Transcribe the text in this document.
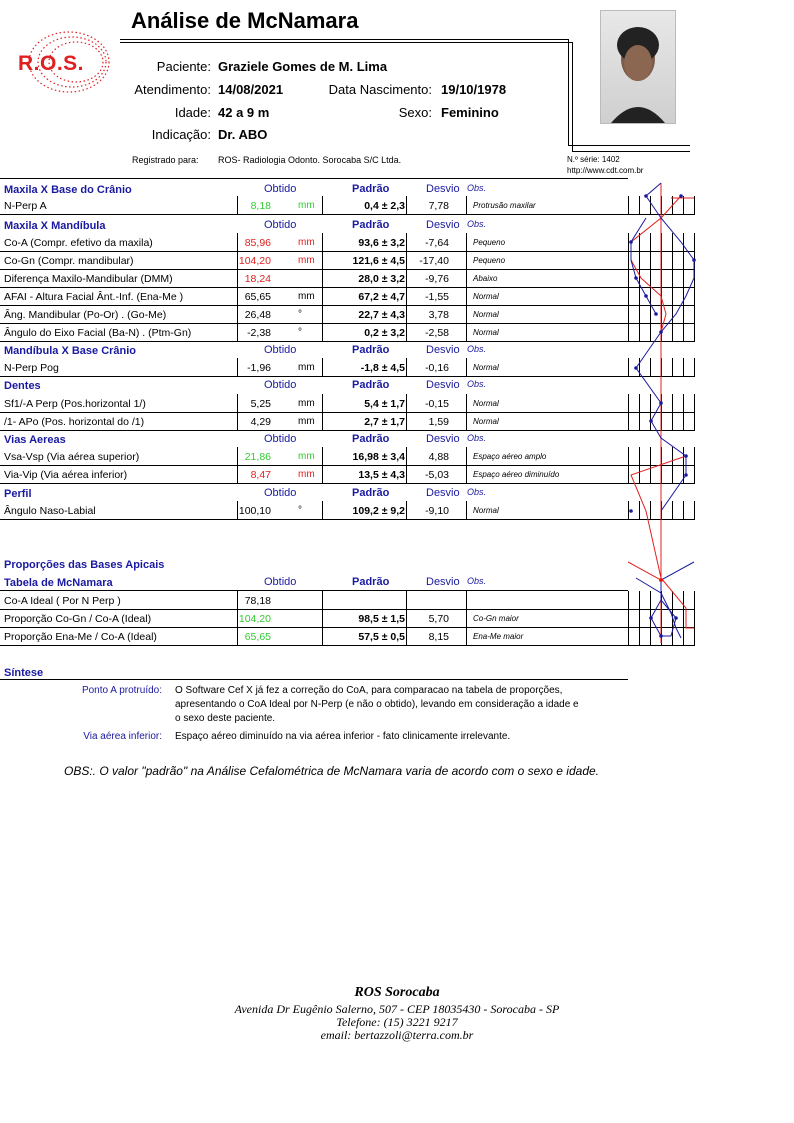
R.O.S.
Análise de McNamara
Paciente: Graziele Gomes de M. Lima
Atendimento: 14/08/2021	Data Nascimento: 19/10/1978
Idade: 42 a 9 m	Sexo: Feminino
Indicação: Dr. ABO
Registrado para: ROS- Radiologia Odonto. Sorocaba S/C Ltda.	N.º série: 1402
http://www.cdt.com.br
Maxila X Base do Crânio
Maxila X Mandíbula
Mandíbula X Base Crânio
Dentes
Vias Aereas
Perfil
Proporções das Bases Apicais
Tabela de McNamara
Obtido	Padrão	Desvio Obs.
Obtido	Padrão	Desvio Obs.
Obtido	Padrão	Desvio Obs.
Obtido	Padrão	Desvio Obs.
Obtido	Padrão	Desvio Obs.
Obtido	Padrão	Desvio Obs.
Obtido	Padrão	Desvio Obs.
N-Perp A	8,18	mm	0,4 ± 2,3 7,78	Protrusão maxilar
Co-A (Compr. efetivo da maxila)	85,96	mm	93,6 ± 3,2 -7,64	Pequeno
Co-Gn (Compr. mandibular)	104,20	mm	121,6 ± 4,5 -17,40	Pequeno
Diferença Maxilo-Mandibular (DMM)	18,24	28,0 ± 3,2 -9,76	Abaixo
AFAI - Altura Facial Ânt.-Inf. (Ena-Me )	65,65	mm	67,2 ± 4,7 -1,55	Normal
Âng. Mandibular (Po-Or) . (Go-Me)	26,48	°	22,7 ± 4,3 3,78	Normal
Ângulo do Eixo Facial (Ba-N) . (Ptm-Gn)	-2,38	°	0,2 ± 3,2 -2,58	Normal
N-Perp Pog	-1,96	mm	-1,8 ± 4,5 -0,16	Normal
Sf1/-A Perp (Pos.horizontal 1/)	5,25	mm	5,4 ± 1,7 -0,15	Normal
/1- APo (Pos. horizontal do /1)	4,29	mm	2,7 ± 1,7 1,59	Normal
Vsa-Vsp (Via aérea superior)	21,86	mm	16,98 ± 3,4 4,88	Espaço aéreo amplo
Via-Vip (Via aérea inferior)	8,47	mm	13,5 ± 4,3 -5,03	Espaço aéreo diminuído
Ângulo Naso-Labial	100,10	°	109,2 ± 9,2 -9,10	Normal
Co-A Ideal ( Por N Perp )	78,18
Proporção Co-Gn / Co-A (Ideal)	104,20	98,5 ± 1,5 5,70	Co-Gn maior
Proporção Ena-Me / Co-A (Ideal)	65,65	57,5 ± 0,5 8,15	Ena-Me maior
Síntese
Ponto A protruído: O Software Cef X já fez a correção do CoA, para comparacao na tabela de proporções,
apresentando o CoA Ideal por N-Perp (e não o obtido), levando em consideração a idade e
o sexo deste paciente.
Via aérea inferior: Espaço aéreo diminuído na via aérea inferior - fato clinicamente irrelevante.
OBS:. O valor "padrão" na Análise Cefalométrica de McNamara varia de acordo com o sexo e idade.
ROS Sorocaba
Avenida Dr Eugênio Salerno, 507 - CEP 18035430 - Sorocaba - SP
Telefone: (15) 3221 9217
email: bertazzoli@terra.com.br
